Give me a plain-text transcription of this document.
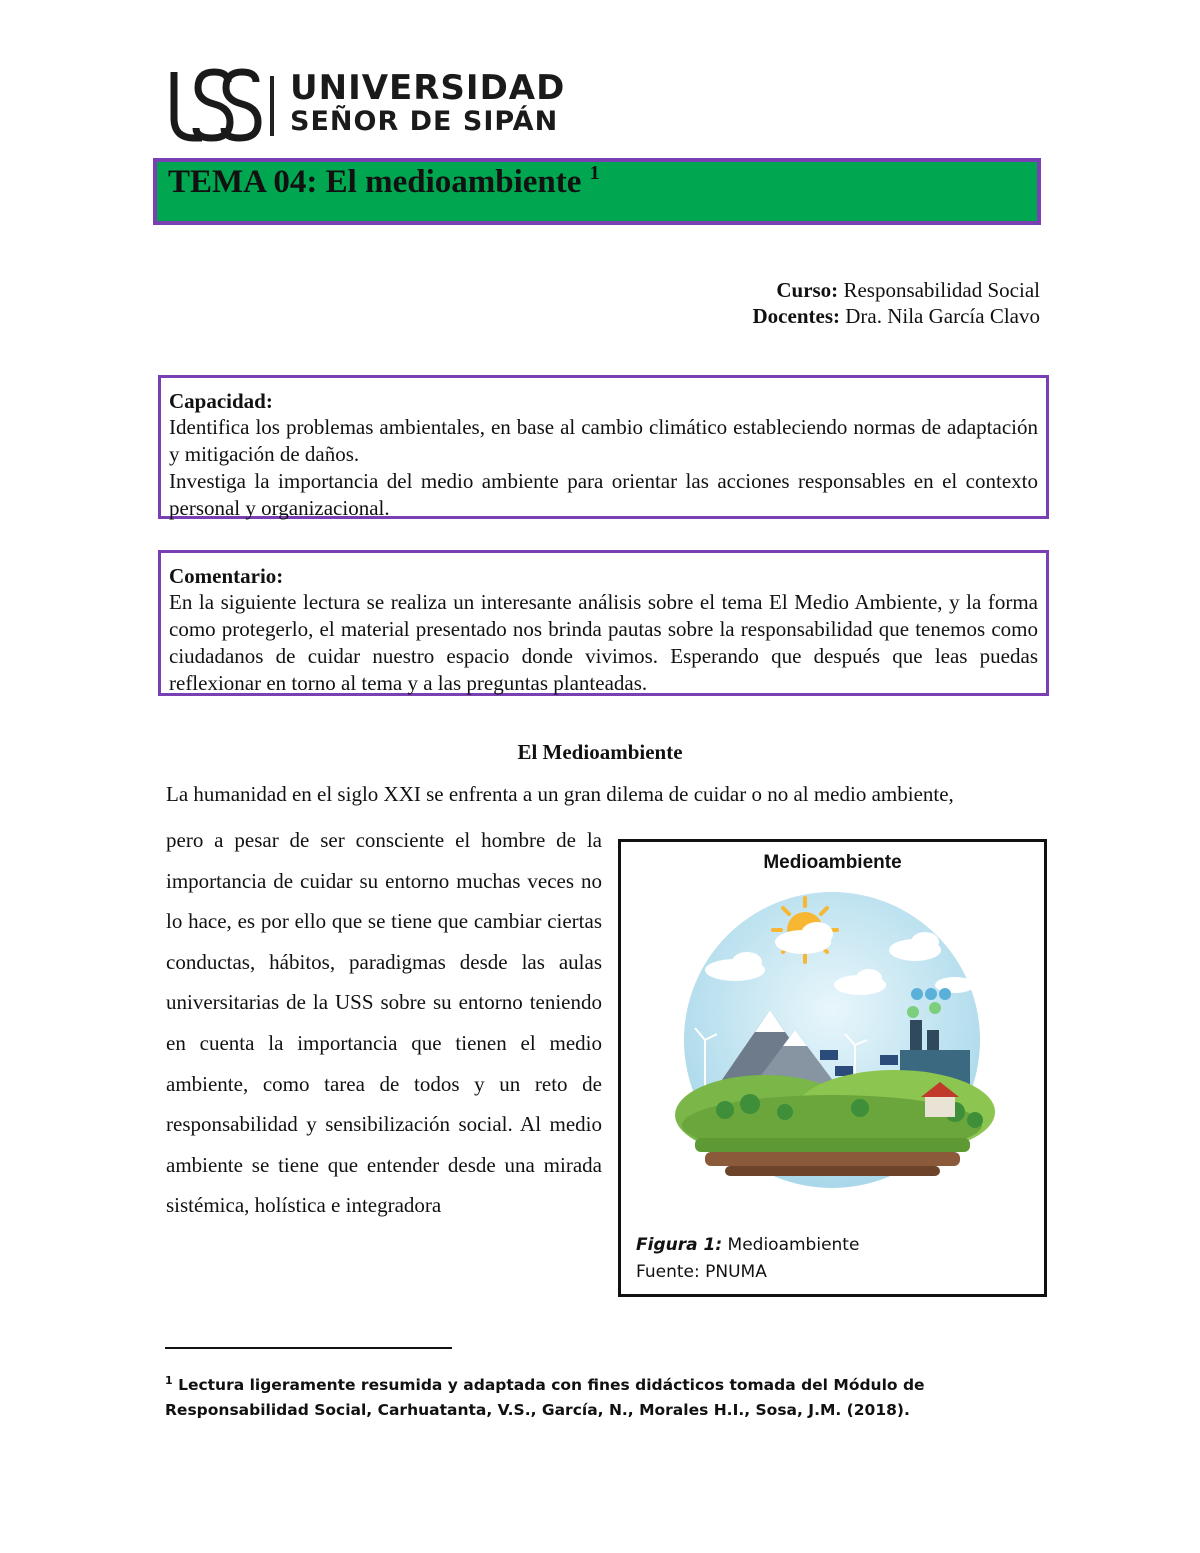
UNIVERSIDAD
SEÑOR DE SIPÁN
TEMA 04: El medioambiente $^1$
Curso: Responsabilidad Social
Docentes: Dra. Nila García Clavo
Capacidad:

Identifica los problemas ambientales, en base al cambio climático estableciendo normas de adaptación y mitigación de daños.

Investiga la importancia del medio ambiente para orientar las acciones responsables en el contexto personal y organizacional.

Comentario:

En la siguiente lectura se realiza un interesante análisis sobre el tema El Medio Ambiente, y la forma como protegerlo, el material presentado nos brinda pautas sobre la responsabilidad que tenemos como ciudadanos de cuidar nuestro espacio donde vivimos. Esperando que después que leas puedas reflexionar en torno al tema y a las preguntas planteadas.

El Medioambiente
La humanidad en el siglo XXI se enfrenta a un gran dilema de cuidar o no al medio ambiente,
pero a pesar de ser consciente el hombre de la importancia de cuidar su entorno muchas veces no lo hace, es por ello que se tiene que cambiar ciertas conductas, hábitos, paradigmas desde las aulas universitarias de la USS sobre su entorno teniendo en cuenta la importancia que tienen el medio ambiente, como tarea de todos y un reto de responsabilidad y sensibilización social. Al medio ambiente se tiene que entender desde una mirada sistémica, holística e integradora
Medioambiente
Figura 1: Medioambiente
Fuente: PNUMA
$^1$ Lectura ligeramente resumida y adaptada con fines didácticos tomada del Módulo de Responsabilidad Social, Carhuatanta, V.S., García, N., Morales H.I., Sosa, J.M. (2018).
